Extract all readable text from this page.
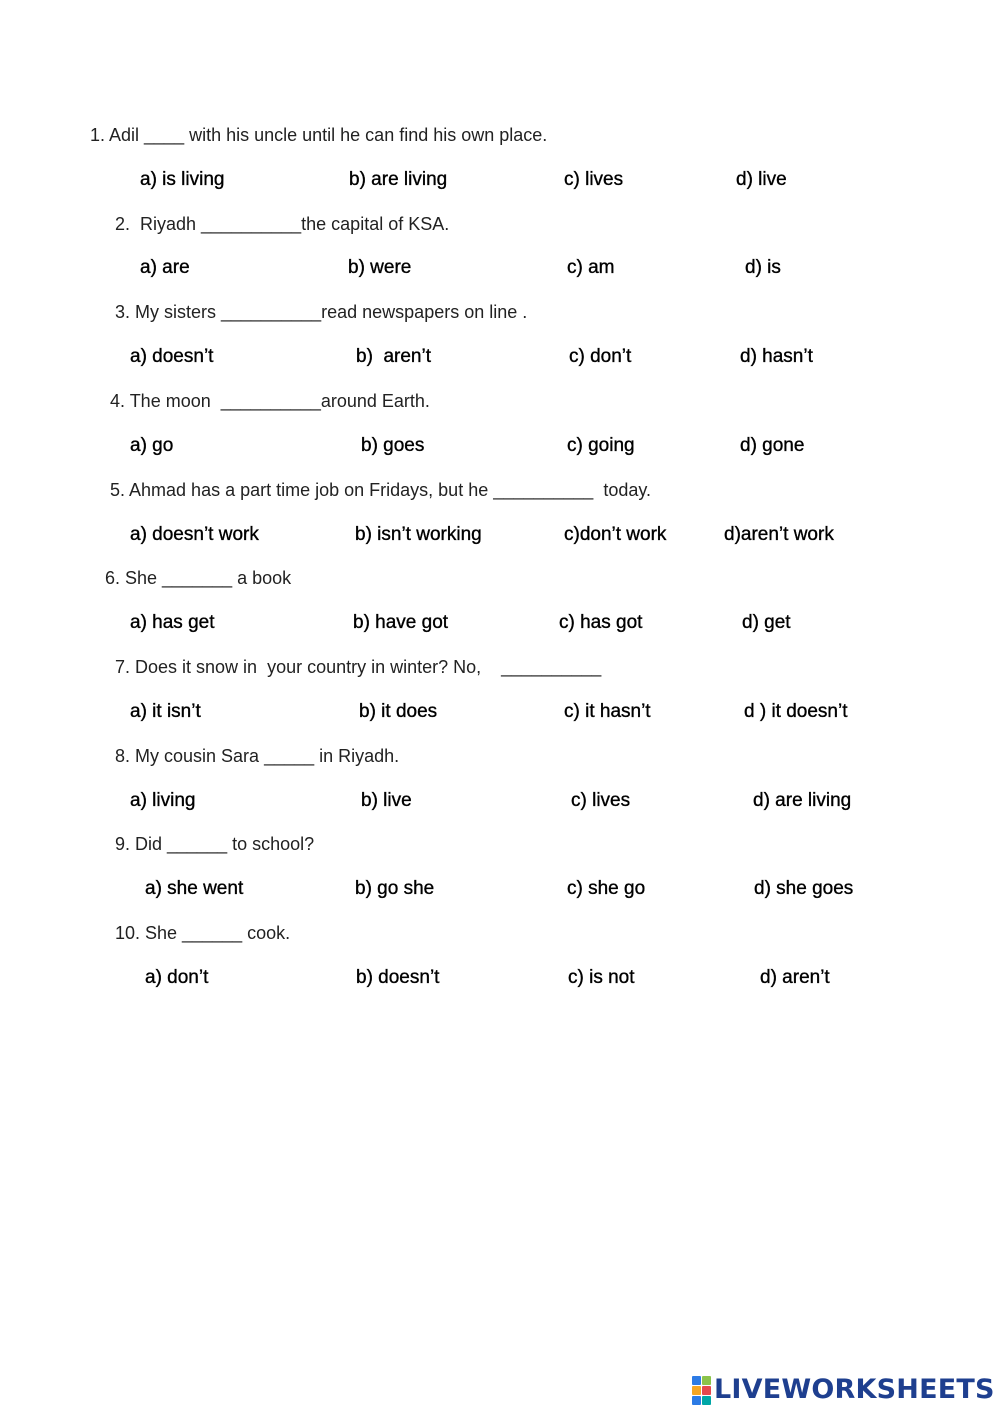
1. Adil ____ with his uncle until he can find his own place.
a) is living	b) are living	c) lives	d) live
2.  Riyadh __________the capital of KSA.
a) are	b) were	c) am	d) is
3. My sisters __________read newspapers on line .
a) doesn’t	b)  aren’t	c) don’t	d) hasn’t
4. The moon  __________around Earth.
a) go	b) goes	c) going	d) gone
5. Ahmad has a part time job on Fridays, but he __________  today.
a) doesn’t work	b) isn’t working	c)don’t work	d)aren’t work
6. She _______ a book
a) has get	b) have got	c) has got	d) get
7. Does it snow in  your country in winter? No,    __________
a) it isn’t	b) it does	c) it hasn’t	d ) it doesn’t
8. My cousin Sara _____ in Riyadh.
a) living	b) live	c) lives	d) are living
9. Did ______ to school?
a) she went	b) go she	c) she go	d) she goes
10. She ______ cook.
a) don’t	b) doesn’t	c) is not	d) aren’t
LIVEWORKSHEETS
